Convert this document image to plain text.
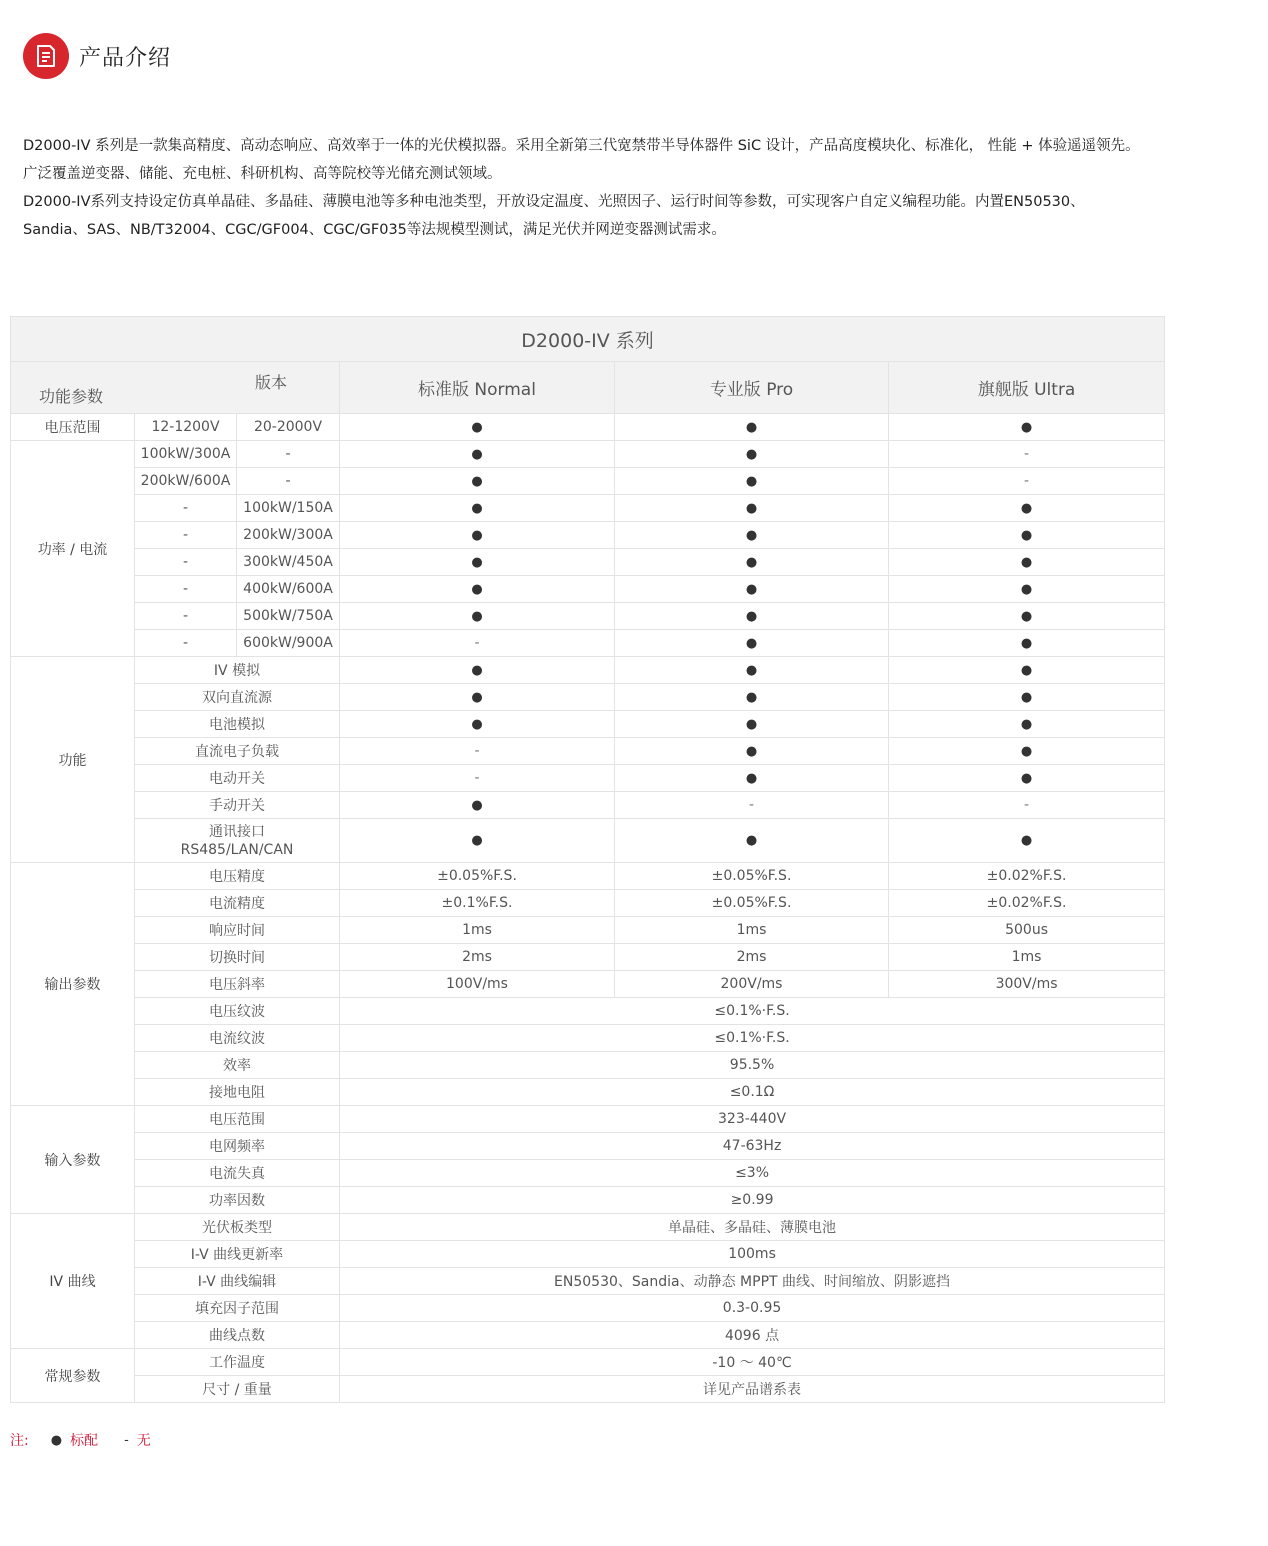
产品介绍

D2000-IV 系列是一款集高精度、高动态响应、高效率于一体的光伏模拟器。采用全新第三代宽禁带半导体器件 SiC 设计，产品高度模块化、标准化， 性能 + 体验遥遥领先。

广泛覆盖逆变器、储能、充电桩、科研机构、高等院校等光储充测试领域。

D2000-IV系列支持设定仿真单晶硅、多晶硅、薄膜电池等多种电池类型，开放设定温度、光照因子、运行时间等参数，可实现客户自定义编程功能。内置EN50530、

Sandia、SAS、NB/T32004、CGC/GF004、CGC/GF035等法规模型测试，满足光伏并网逆变器测试需求。

D2000-IV 系列					

版本
功能参数			标准版 Normal	专业版 Pro	旗舰版 Ultra
电压范围	12-1200V	20-2000V	●	●	●
功率 / 电流	100kW/300A	-	●	●	-
	200kW/600A	-	●	●	-
	-	100kW/150A	●	●	●
	-	200kW/300A	●	●	●
	-	300kW/450A	●	●	●
	-	400kW/600A	●	●	●
	-	500kW/750A	●	●	●
	-	600kW/900A	-	●	●
功能	IV 模拟		●	●	●
	双向直流源		●	●	●
	电池模拟		●	●	●
	直流电子负载		-	●	●
	电动开关		-	●	●
	手动开关		●	-	-

	通讯接口
RS485/LAN/CAN		●	●	●
输出参数	电压精度		±0.05%F.S.	±0.05%F.S.	±0.02%F.S.
	电流精度		±0.1%F.S.	±0.05%F.S.	±0.02%F.S.
	响应时间		1ms	1ms	500us
	切换时间		2ms	2ms	1ms
	电压斜率		100V/ms	200V/ms	300V/ms
	电压纹波		≤0.1%·F.S.		
	电流纹波		≤0.1%·F.S.		
	效率		95.5%		
	接地电阻		≤0.1Ω		
输入参数	电压范围		323-440V		
	电网频率		47-63Hz		
	电流失真		≤3%		
	功率因数		≥0.99		
IV 曲线	光伏板类型		单晶硅、多晶硅、薄膜电池		
	I-V 曲线更新率		100ms		
	I-V 曲线编辑		EN50530、Sandia、动静态 MPPT 曲线、时间缩放、阴影遮挡		
	填充因子范围		0.3-0.95		
	曲线点数		4096 点		
常规参数	工作温度		-10 ～ 40℃		
	尺寸 / 重量		详见产品谱系表		
注: ● 标配 - 无
